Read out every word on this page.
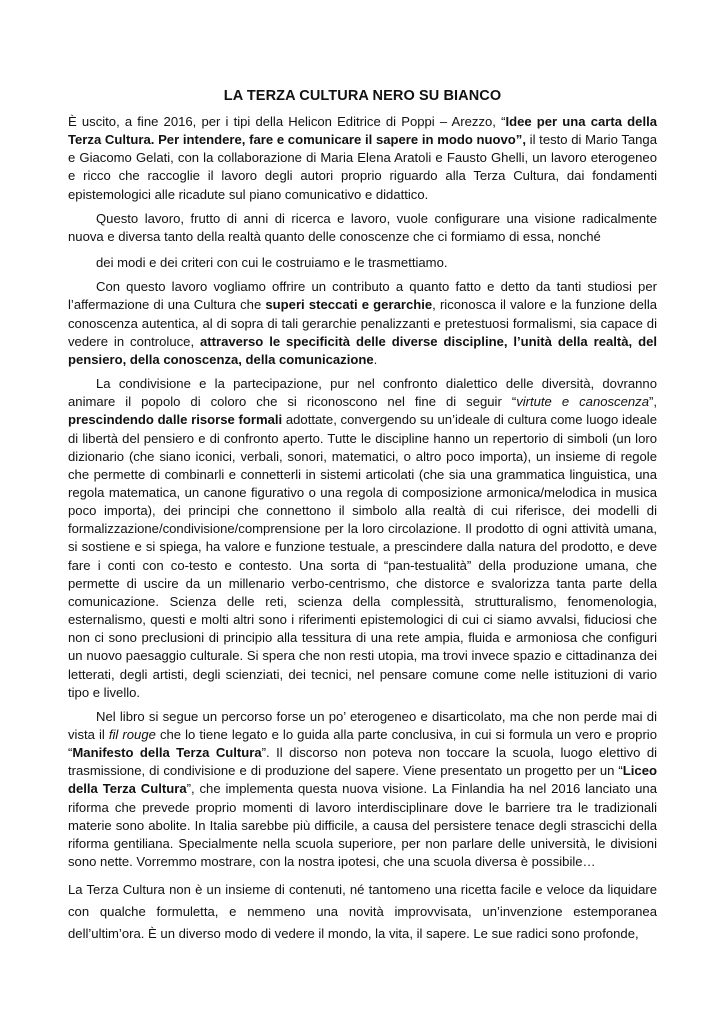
LA TERZA CULTURA NERO SU BIANCO

È uscito, a fine 2016, per i tipi della Helicon Editrice di Poppi – Arezzo, “Idee per una carta della Terza Cultura. Per intendere, fare e comunicare il sapere in modo nuovo”, il testo di Mario Tanga e Giacomo Gelati, con la collaborazione di Maria Elena Aratoli e Fausto Ghelli, un lavoro eterogeneo e ricco che raccoglie il lavoro degli autori proprio riguardo alla Terza Cultura, dai fondamenti epistemologici alle ricadute sul piano comunicativo e didattico.

Questo lavoro, frutto di anni di ricerca e lavoro, vuole configurare una visione radicalmente nuova e diversa tanto della realtà quanto delle conoscenze che ci formiamo di essa, nonché

dei modi e dei criteri con cui le costruiamo e le trasmettiamo.

Con questo lavoro vogliamo offrire un contributo a quanto fatto e detto da tanti studiosi per l’affermazione di una Cultura che superi steccati e gerarchie, riconosca il valore e la funzione della conoscenza autentica, al di sopra di tali gerarchie penalizzanti e pretestuosi formalismi, sia capace di vedere in controluce, attraverso le specificità delle diverse discipline, l’unità della realtà, del pensiero, della conoscenza, della comunicazione.

La condivisione e la partecipazione, pur nel confronto dialettico delle diversità, dovranno animare il popolo di coloro che si riconoscono nel fine di seguir “virtute e canoscenza”, prescindendo dalle risorse formali adottate, convergendo su un’ideale di cultura come luogo ideale di libertà del pensiero e di confronto aperto. Tutte le discipline hanno un repertorio di simboli (un loro dizionario (che siano iconici, verbali, sonori, matematici, o altro poco importa), un insieme di regole che permette di combinarli e connetterli in sistemi articolati (che sia una grammatica linguistica, una regola matematica, un canone figurativo o una regola di composizione armonica/melodica in musica poco importa), dei principi che connettono il simbolo alla realtà di cui riferisce, dei modelli di formalizzazione/condivisione/comprensione per la loro circolazione. Il prodotto di ogni attività umana, si sostiene e si spiega, ha valore e funzione testuale, a prescindere dalla natura del prodotto, e deve fare i conti con co-testo e contesto. Una sorta di “pan-testualità” della produzione umana, che permette di uscire da un millenario verbo-centrismo, che distorce e svalorizza tanta parte della comunicazione. Scienza delle reti, scienza della complessità, strutturalismo, fenomenologia, esternalismo, questi e molti altri sono i riferimenti epistemologici di cui ci siamo avvalsi, fiduciosi che non ci sono preclusioni di principio alla tessitura di una rete ampia, fluida e armoniosa che configuri un nuovo paesaggio culturale. Si spera che non resti utopia, ma trovi invece spazio e cittadinanza dei letterati, degli artisti, degli scienziati, dei tecnici, nel pensare comune come nelle istituzioni di vario tipo e livello.

Nel libro si segue un percorso forse un po’ eterogeneo e disarticolato, ma che non perde mai di vista il fil rouge che lo tiene legato e lo guida alla parte conclusiva, in cui si formula un vero e proprio “Manifesto della Terza Cultura”. Il discorso non poteva non toccare la scuola, luogo elettivo di trasmissione, di condivisione e di produzione del sapere. Viene presentato un progetto per un “Liceo della Terza Cultura”, che implementa questa nuova visione. La Finlandia ha nel 2016 lanciato una riforma che prevede proprio momenti di lavoro interdisciplinare dove le barriere tra le tradizionali materie sono abolite. In Italia sarebbe più difficile, a causa del persistere tenace degli strascichi della riforma gentiliana. Specialmente nella scuola superiore, per non parlare delle università, le divisioni sono nette. Vorremmo mostrare, con la nostra ipotesi, che una scuola diversa è possibile…

La Terza Cultura non è un insieme di contenuti, né tantomeno una ricetta facile e veloce da liquidare con qualche formuletta, e nemmeno una novità improvvisata, un’invenzione estemporanea dell’ultim’ora. È un diverso modo di vedere il mondo, la vita, il sapere. Le sue radici sono profonde,
